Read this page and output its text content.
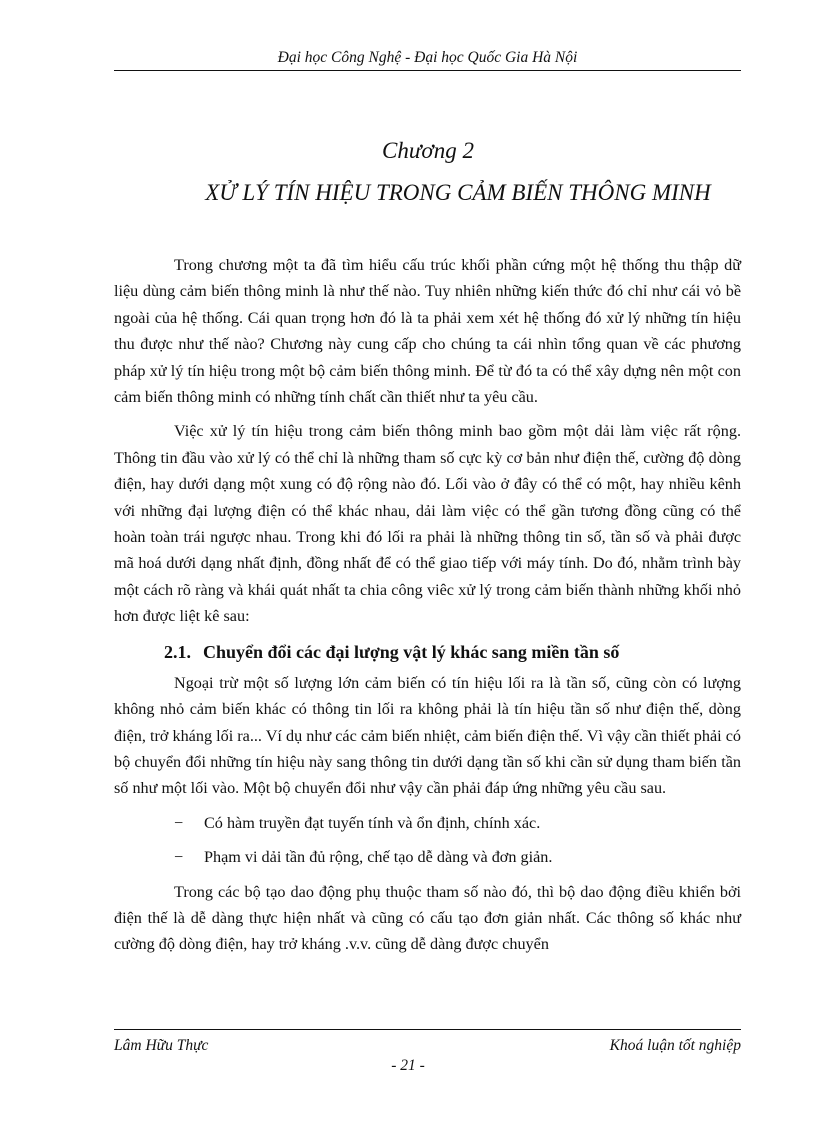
Đại học Công Nghệ - Đại học Quốc Gia Hà Nội
Chương 2
XỬ LÝ TÍN HIỆU TRONG CẢM BIẾN THÔNG MINH

Trong chương một ta đã tìm hiểu cấu trúc khối phần cứng một hệ thống thu thập dữ liệu dùng cảm biến thông minh là như thế nào. Tuy nhiên những kiến thức đó chỉ như cái vỏ bề ngoài của hệ thống. Cái quan trọng hơn đó là ta phải xem xét hệ thống đó xử lý những tín hiệu thu được như thế nào? Chương này cung cấp cho chúng ta cái nhìn tổng quan về các phương pháp xử lý tín hiệu trong một bộ cảm biến thông minh. Để từ đó ta có thể xây dựng nên một con cảm biến thông minh có những tính chất cần thiết như ta yêu cầu.

Việc xử lý tín hiệu trong cảm biến thông minh bao gồm một dải làm việc rất rộng. Thông tin đầu vào xử lý có thể chỉ là những tham số cực kỳ cơ bản như điện thế, cường độ dòng điện, hay dưới dạng một xung có độ rộng nào đó. Lối vào ở đây có thể có một, hay nhiều kênh với những đại lượng điện có thể khác nhau, dải làm việc có thể gần tương đồng cũng có thể hoàn toàn trái ngược nhau. Trong khi đó lối ra phải là những thông tin số, tần số và phải được mã hoá dưới dạng nhất định, đồng nhất để có thể giao tiếp với máy tính. Do đó, nhằm trình bày một cách rõ ràng và khái quát nhất ta chia công viêc xử lý trong cảm biến thành những khối nhỏ hơn được liệt kê sau:

2.1. Chuyển đổi các đại lượng vật lý khác sang miền tần số

Ngoại trừ một số lượng lớn cảm biến có tín hiệu lối ra là tần số, cũng còn có lượng không nhỏ cảm biến khác có thông tin lối ra không phải là tín hiệu tần số như điện thế, dòng điện, trở kháng lối ra... Ví dụ như các cảm biến nhiệt, cảm biến điện thế. Vì vậy cần thiết phải có bộ chuyển đổi những tín hiệu này sang thông tin dưới dạng tần số khi cần sử dụng tham biến tần số như một lối vào. Một bộ chuyển đổi như vậy cần phải đáp ứng những yêu cầu sau.

− Có hàm truyền đạt tuyến tính và ổn định, chính xác.
− Phạm vi dải tần đủ rộng, chế tạo dễ dàng và đơn giản.

Trong các bộ tạo dao động phụ thuộc tham số nào đó, thì bộ dao động điều khiển bởi điện thế là dễ dàng thực hiện nhất và cũng có cấu tạo đơn giản nhất. Các thông số khác như cường độ dòng điện, hay trở kháng .v.v. cũng dễ dàng được chuyển

Lâm Hữu Thực	Khoá luận tốt nghiệp
- 21 -
